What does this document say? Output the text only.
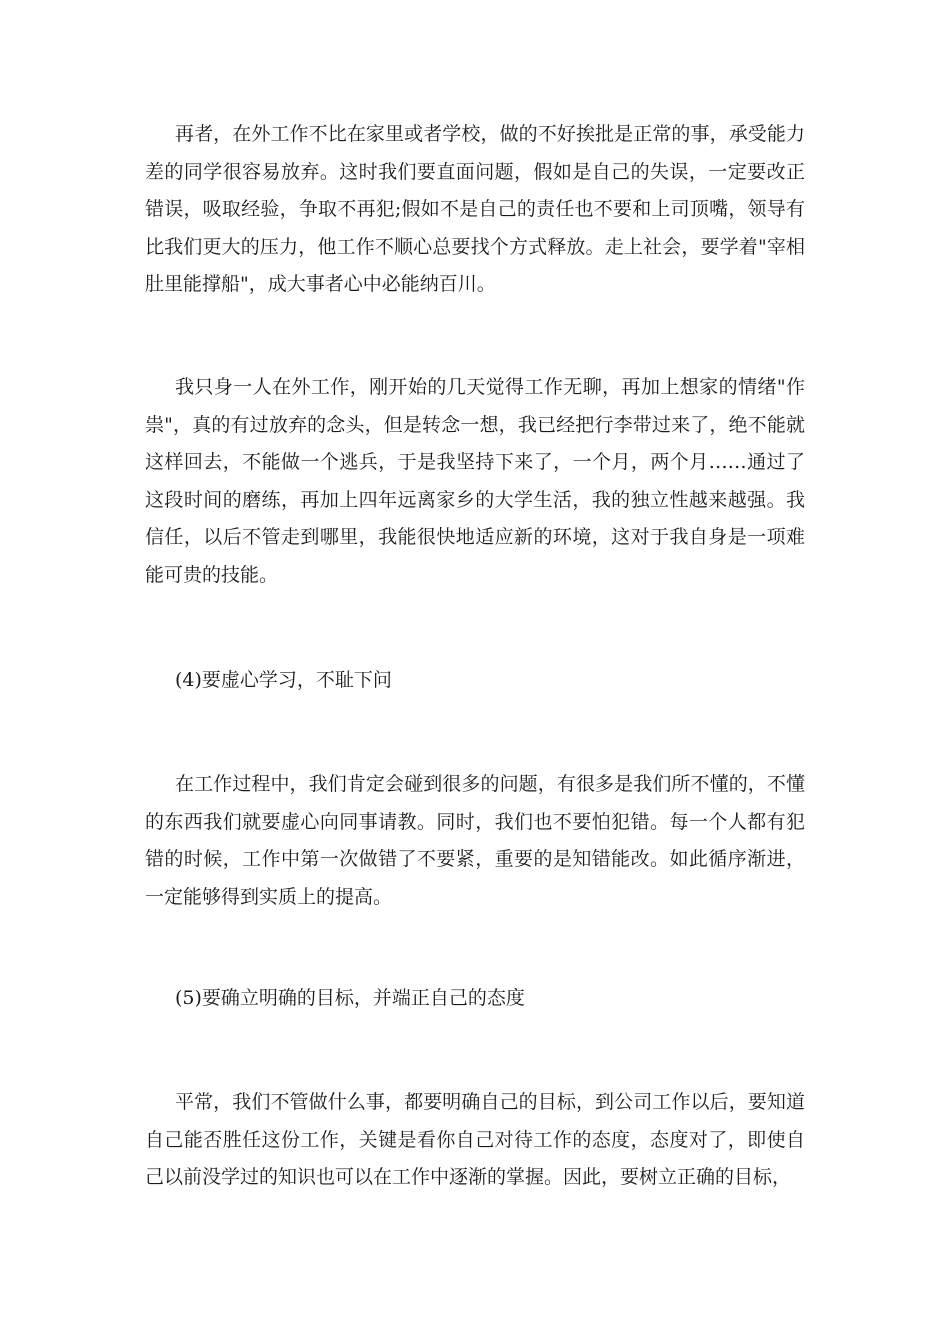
再者，在外工作不比在家里或者学校，做的不好挨批是正常的事，承受能力差的同学很容易放弃。这时我们要直面问题，假如是自己的失误，一定要改正错误，吸取经验，争取不再犯;假如不是自己的责任也不要和上司顶嘴，领导有比我们更大的压力，他工作不顺心总要找个方式释放。走上社会，要学着"宰相肚里能撑船"，成大事者心中必能纳百川。

我只身一人在外工作，刚开始的几天觉得工作无聊，再加上想家的情绪"作祟"，真的有过放弃的念头，但是转念一想，我已经把行李带过来了，绝不能就这样回去，不能做一个逃兵，于是我坚持下来了，一个月，两个月……通过了这段时间的磨练，再加上四年远离家乡的大学生活，我的独立性越来越强。我信任，以后不管走到哪里，我能很快地适应新的环境，这对于我自身是一项难能可贵的技能。

(4)要虚心学习，不耻下问

在工作过程中，我们肯定会碰到很多的问题，有很多是我们所不懂的，不懂的东西我们就要虚心向同事请教。同时，我们也不要怕犯错。每一个人都有犯错的时候，工作中第一次做错了不要紧，重要的是知错能改。如此循序渐进，一定能够得到实质上的提高。

(5)要确立明确的目标，并端正自己的态度

平常，我们不管做什么事，都要明确自己的目标，到公司工作以后，要知道自己能否胜任这份工作，关键是看你自己对待工作的态度，态度对了，即使自己以前没学过的知识也可以在工作中逐渐的掌握。因此，要树立正确的目标，
